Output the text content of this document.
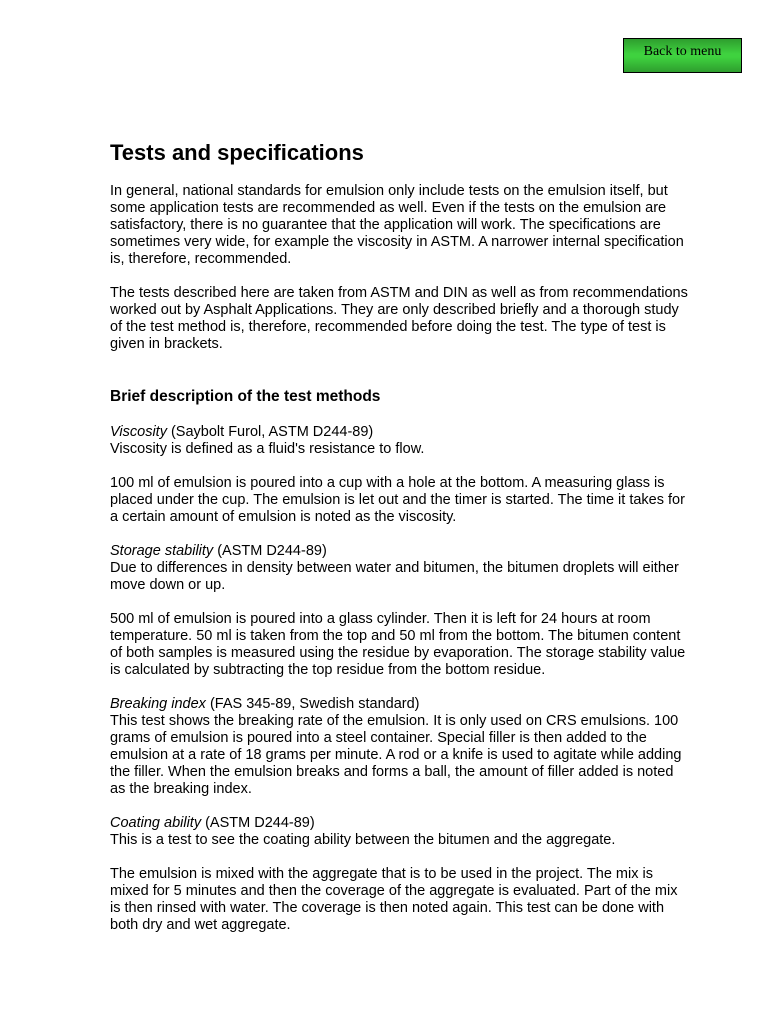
Back to menu
Tests and specifications

In general, national standards for emulsion only include tests on the emulsion itself, but some application tests are recommended as well. Even if the tests on the emulsion are satisfactory, there is no guarantee that the application will work. The specifications are sometimes very wide, for example the viscosity in ASTM. A narrower internal specification is, therefore, recommended.

The tests described here are taken from ASTM and DIN as well as from recommendations worked out by Asphalt Applications. They are only described briefly and a thorough study of the test method is, therefore, recommended before doing the test. The type of test is given in brackets.

Brief description of the test methods

Viscosity (Saybolt Furol, ASTM D244-89)

Viscosity is defined as a fluid's resistance to flow.

100 ml of emulsion is poured into a cup with a hole at the bottom. A measuring glass is placed under the cup. The emulsion is let out and the timer is started. The time it takes for a certain amount of emulsion is noted as the viscosity.

Storage stability (ASTM D244-89)

Due to differences in density between water and bitumen, the bitumen droplets will either move down or up.

500 ml of emulsion is poured into a glass cylinder. Then it is left for 24 hours at room temperature. 50 ml is taken from the top and 50 ml from the bottom. The bitumen content of both samples is measured using the residue by evaporation. The storage stability value is calculated by subtracting the top residue from the bottom residue.

Breaking index (FAS 345-89, Swedish standard)

This test shows the breaking rate of the emulsion. It is only used on CRS emulsions. 100 grams of emulsion is poured into a steel container. Special filler is then added to the emulsion at a rate of 18 grams per minute. A rod or a knife is used to agitate while adding the filler. When the emulsion breaks and forms a ball, the amount of filler added is noted as the breaking index.

Coating ability (ASTM D244-89)

This is a test to see the coating ability between the bitumen and the aggregate.

The emulsion is mixed with the aggregate that is to be used in the project. The mix is mixed for 5 minutes and then the coverage of the aggregate is evaluated. Part of the mix is then rinsed with water. The coverage is then noted again. This test can be done with both dry and wet aggregate.
